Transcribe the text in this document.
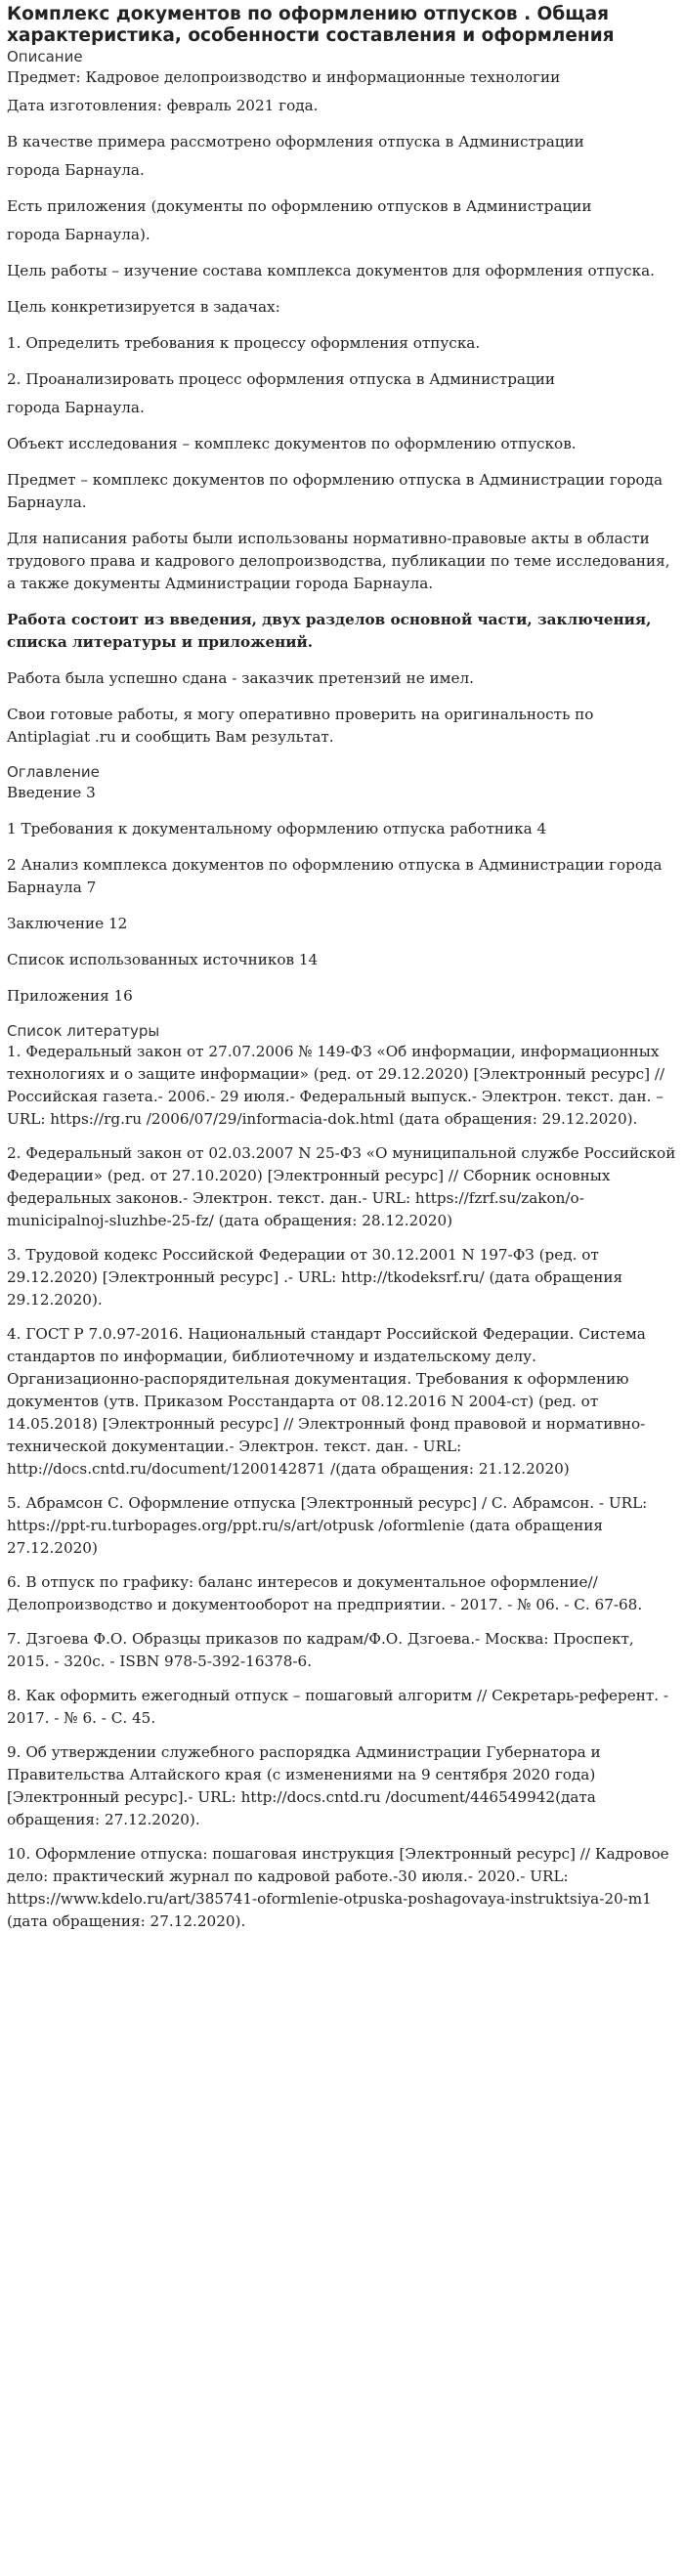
Комплекс документов по оформлению отпусков . Общая характеристика, особенности составления и оформления
Описание

Предмет: Кадровое делопроизводство и информационные технологии

Дата изготовления: февраль 2021 года.

В качестве примера рассмотрено оформления отпуска в Администрации

города Барнаула.

Есть приложения (документы по оформлению отпусков в Администрации

города Барнаула).

Цель работы – изучение состава комплекса документов для оформления отпуска.

Цель конкретизируется в задачах:

1. Определить требования к процессу оформления отпуска.

2. Проанализировать процесс оформления отпуска в Администрации

города Барнаула.

Объект исследования – комплекс документов по оформлению отпусков.

Предмет – комплекс документов по оформлению отпуска в Администрации города Барнаула.

Для написания работы были использованы нормативно-правовые акты в области трудового права и кадрового делопроизводства, публикации по теме исследования, а также документы Администрации города Барнаула.

Работа состоит из введения, двух разделов основной части, заключения, списка литературы и приложений.

Работа была успешно сдана - заказчик претензий не имел.

Свои готовые работы, я могу оперативно проверить на оригинальность по Antiplagiat .ru и сообщить Вам результат.

Оглавление

Введение 3

1 Требования к документальному оформлению отпуска работника 4

2 Анализ комплекса документов по оформлению отпуска в Администрации города Барнаула 7

Заключение 12

Список использованных источников 14

Приложения 16

Список литературы

1. Федеральный закон от 27.07.2006 № 149-ФЗ «Об информации, информационных технологиях и о защите информации» (ред. от 29.12.2020) [Электронный ресурс] // Российская газета.- 2006.- 29 июля.- Федеральный выпуск.- Электрон. текст. дан. – URL: https://rg.ru /2006/07/29/informacia-dok.html (дата обращения: 29.12.2020).

2. Федеральный закон от 02.03.2007 N 25-ФЗ «О муниципальной службе Российской Федерации» (ред. от 27.10.2020) [Электронный ресурс] // Сборник основных федеральных законов.- Электрон. текст. дан.- URL: https://fzrf.su/zakon/o-municipalnoj-sluzhbe-25-fz/ (дата обращения: 28.12.2020)

3. Трудовой кодекс Российской Федерации от 30.12.2001 N 197-ФЗ (ред. от 29.12.2020) [Электронный ресурс] .- URL: http://tkodeksrf.ru/ (дата обращения 29.12.2020).

4. ГОСТ Р 7.0.97-2016. Национальный стандарт Российской Федерации. Система стандартов по информации, библиотечному и издательскому делу. Организационно-распорядительная документация. Требования к оформлению документов (утв. Приказом Росстандарта от 08.12.2016 N 2004-ст) (ред. от 14.05.2018) [Электронный ресурс] // Электронный фонд правовой и нормативно-технической документации.- Электрон. текст. дан. - URL: http://docs.cntd.ru/document/1200142871 /(дата обращения: 21.12.2020)

5. Абрамсон С. Оформление отпуска [Электронный ресурс] / С. Абрамсон. - URL: https://ppt-ru.turbopages.org/ppt.ru/s/art/otpusk /oformlenie (дата обращения 27.12.2020)

6. В отпуск по графику: баланс интересов и документальное оформление// Делопроизводство и документооборот на предприятии. - 2017. - № 06. - С. 67-68.

7. Дзгоева Ф.О. Образцы приказов по кадрам/Ф.О. Дзгоева.- Москва: Проспект, 2015. - 320с. - ISBN 978-5-392-16378-6.

8. Как оформить ежегодный отпуск – пошаговый алгоритм // Секретарь-референт. - 2017. - № 6. - С. 45.

9. Об утверждении служебного распорядка Администрации Губернатора и Правительства Алтайского края (с изменениями на 9 сентября 2020 года) [Электронный ресурс].- URL: http://docs.cntd.ru /document/446549942(дата обращения: 27.12.2020).

10. Оформление отпуска: пошаговая инструкция [Электронный ресурс] // Кадровое дело: практический журнал по кадровой работе.-30 июля.- 2020.- URL: https://www.kdelo.ru/art/385741-oformlenie-otpuska-poshagovaya-instruktsiya-20-m1 (дата обращения: 27.12.2020).
